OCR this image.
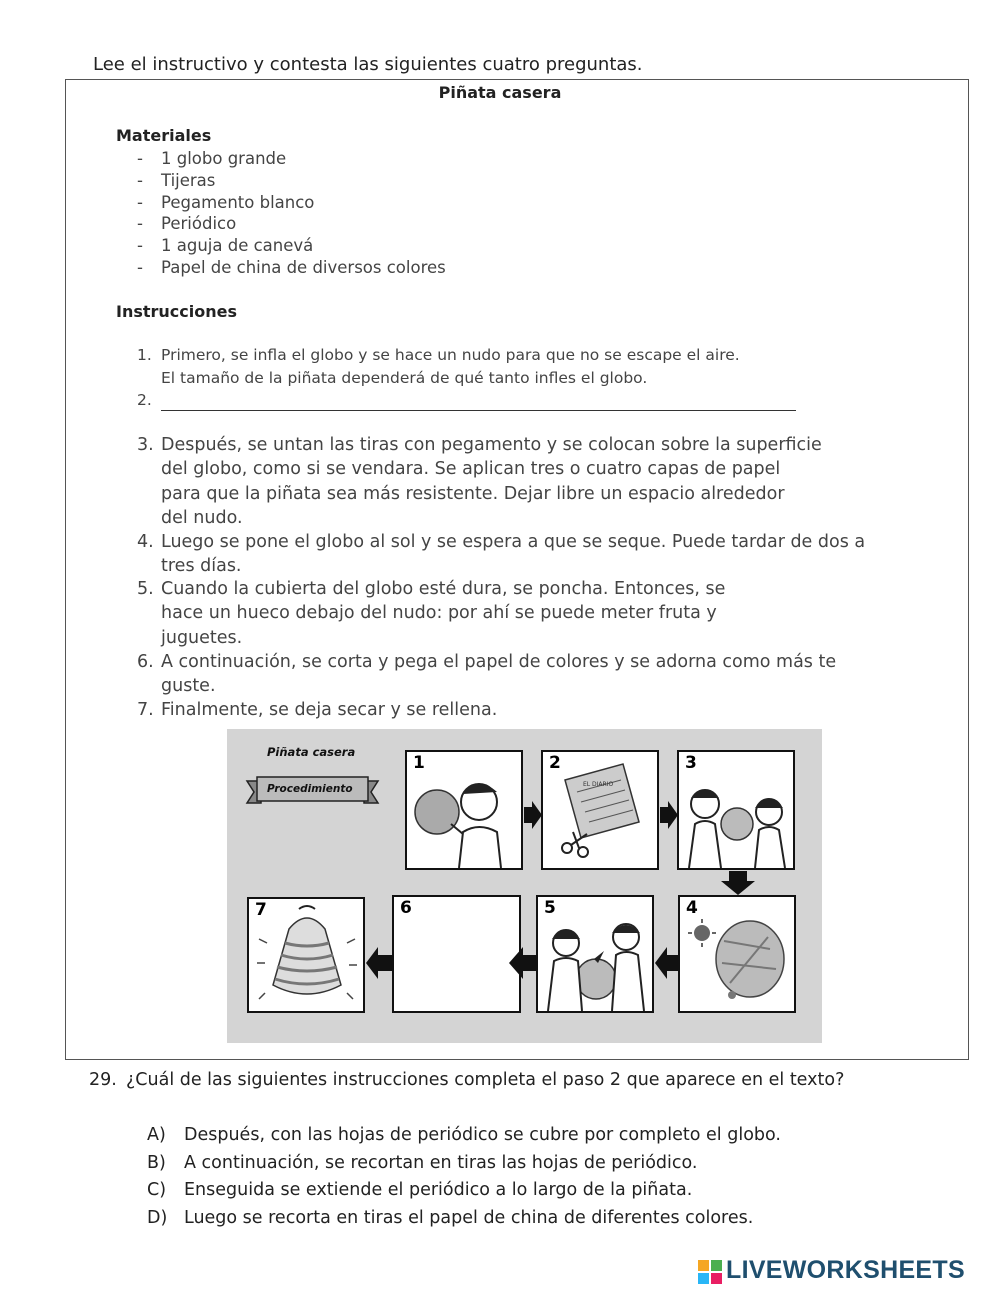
Lee el instructivo y contesta las siguientes cuatro preguntas.
Piñata casera
Materiales
- 1 globo grande
- Tijeras
- Pegamento blanco
- Periódico
- 1 aguja de canevá
- Papel de china de diversos colores
Instrucciones
1. Primero, se infla el globo y se hace un nudo para que no se escape el aire.
El tamaño de la piñata dependerá de qué tanto infles el globo.
2.
3. Después, se untan las tiras con pegamento y se colocan sobre la superficie
del globo, como si se vendara. Se aplican tres o cuatro capas de papel
para que la piñata sea más resistente. Dejar libre un espacio alrededor
del nudo.
4. Luego se pone el globo al sol y se espera a que se seque. Puede tardar de dos a
tres días.
5. Cuando la cubierta del globo esté dura, se poncha. Entonces, se
hace un hueco debajo del nudo: por ahí se puede meter fruta y
juguetes.
6. A continuación, se corta y pega el papel de colores y se adorna como más te
guste.
7. Finalmente, se deja secar y se rellena.
Piñata casera
Procedimiento
1	2
EL DIARIO
3
4
5
6
7
29. ¿Cuál de las siguientes instrucciones completa el paso 2 que aparece en el texto?
A) Después, con las hojas de periódico se cubre por completo el globo.
B) A continuación, se recortan en tiras las hojas de periódico.
C) Enseguida se extiende el periódico a lo largo de la piñata.
D) Luego se recorta en tiras el papel de china de diferentes colores.
LIVEWORKSHEETS
